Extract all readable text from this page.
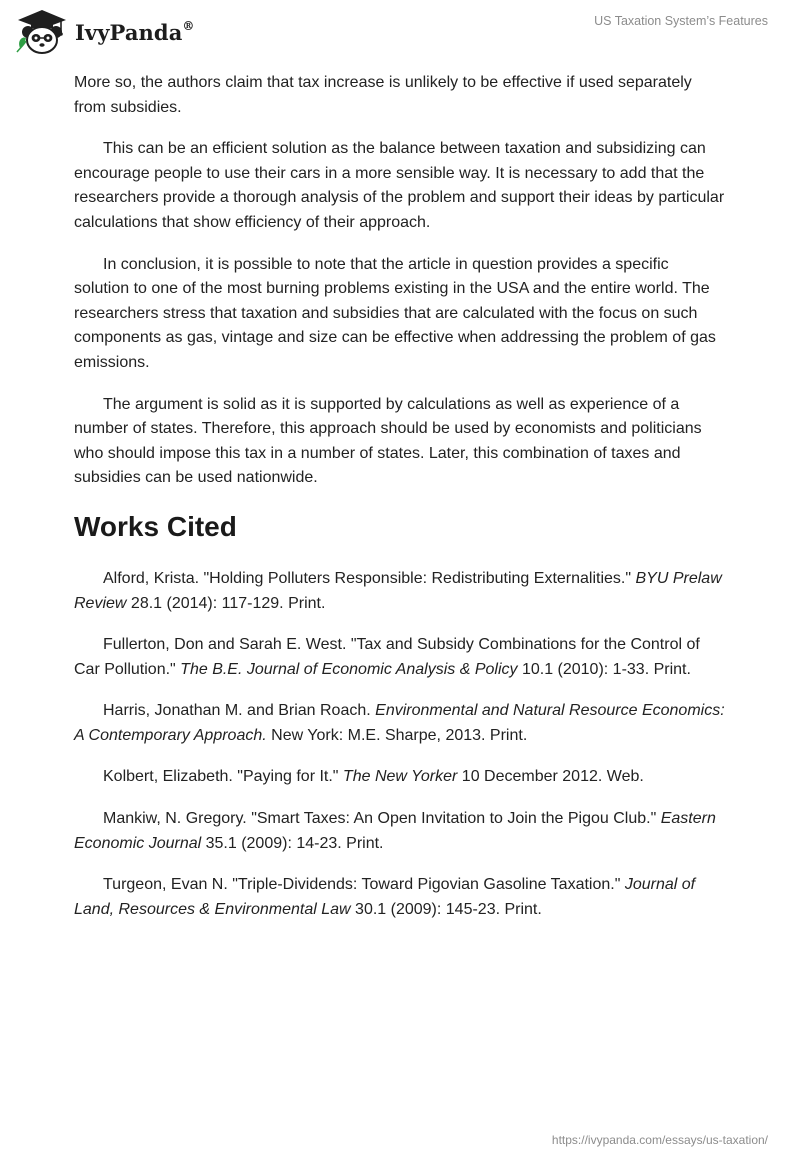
IvyPanda®	US Taxation System’s Features

More so, the authors claim that tax increase is unlikely to be effective if used separately from subsidies.

This can be an efficient solution as the balance between taxation and subsidizing can encourage people to use their cars in a more sensible way. It is necessary to add that the researchers provide a thorough analysis of the problem and support their ideas by particular calculations that show efficiency of their approach.

In conclusion, it is possible to note that the article in question provides a specific solution to one of the most burning problems existing in the USA and the entire world. The researchers stress that taxation and subsidies that are calculated with the focus on such components as gas, vintage and size can be effective when addressing the problem of gas emissions.

The argument is solid as it is supported by calculations as well as experience of a number of states. Therefore, this approach should be used by economists and politicians who should impose this tax in a number of states. Later, this combination of taxes and subsidies can be used nationwide.

Works Cited

Alford, Krista. "Holding Polluters Responsible: Redistributing Externalities." BYU Prelaw Review 28.1 (2014): 117-129. Print.

Fullerton, Don and Sarah E. West. "Tax and Subsidy Combinations for the Control of Car Pollution." The B.E. Journal of Economic Analysis & Policy 10.1 (2010): 1-33. Print.

Harris, Jonathan M. and Brian Roach. Environmental and Natural Resource Economics: A Contemporary Approach. New York: M.E. Sharpe, 2013. Print.

Kolbert, Elizabeth. "Paying for It." The New Yorker 10 December 2012. Web.

Mankiw, N. Gregory. "Smart Taxes: An Open Invitation to Join the Pigou Club." Eastern Economic Journal 35.1 (2009): 14-23. Print.

Turgeon, Evan N. "Triple-Dividends: Toward Pigovian Gasoline Taxation." Journal of Land, Resources & Environmental Law 30.1 (2009): 145-23. Print.

https://ivypanda.com/essays/us-taxation/
